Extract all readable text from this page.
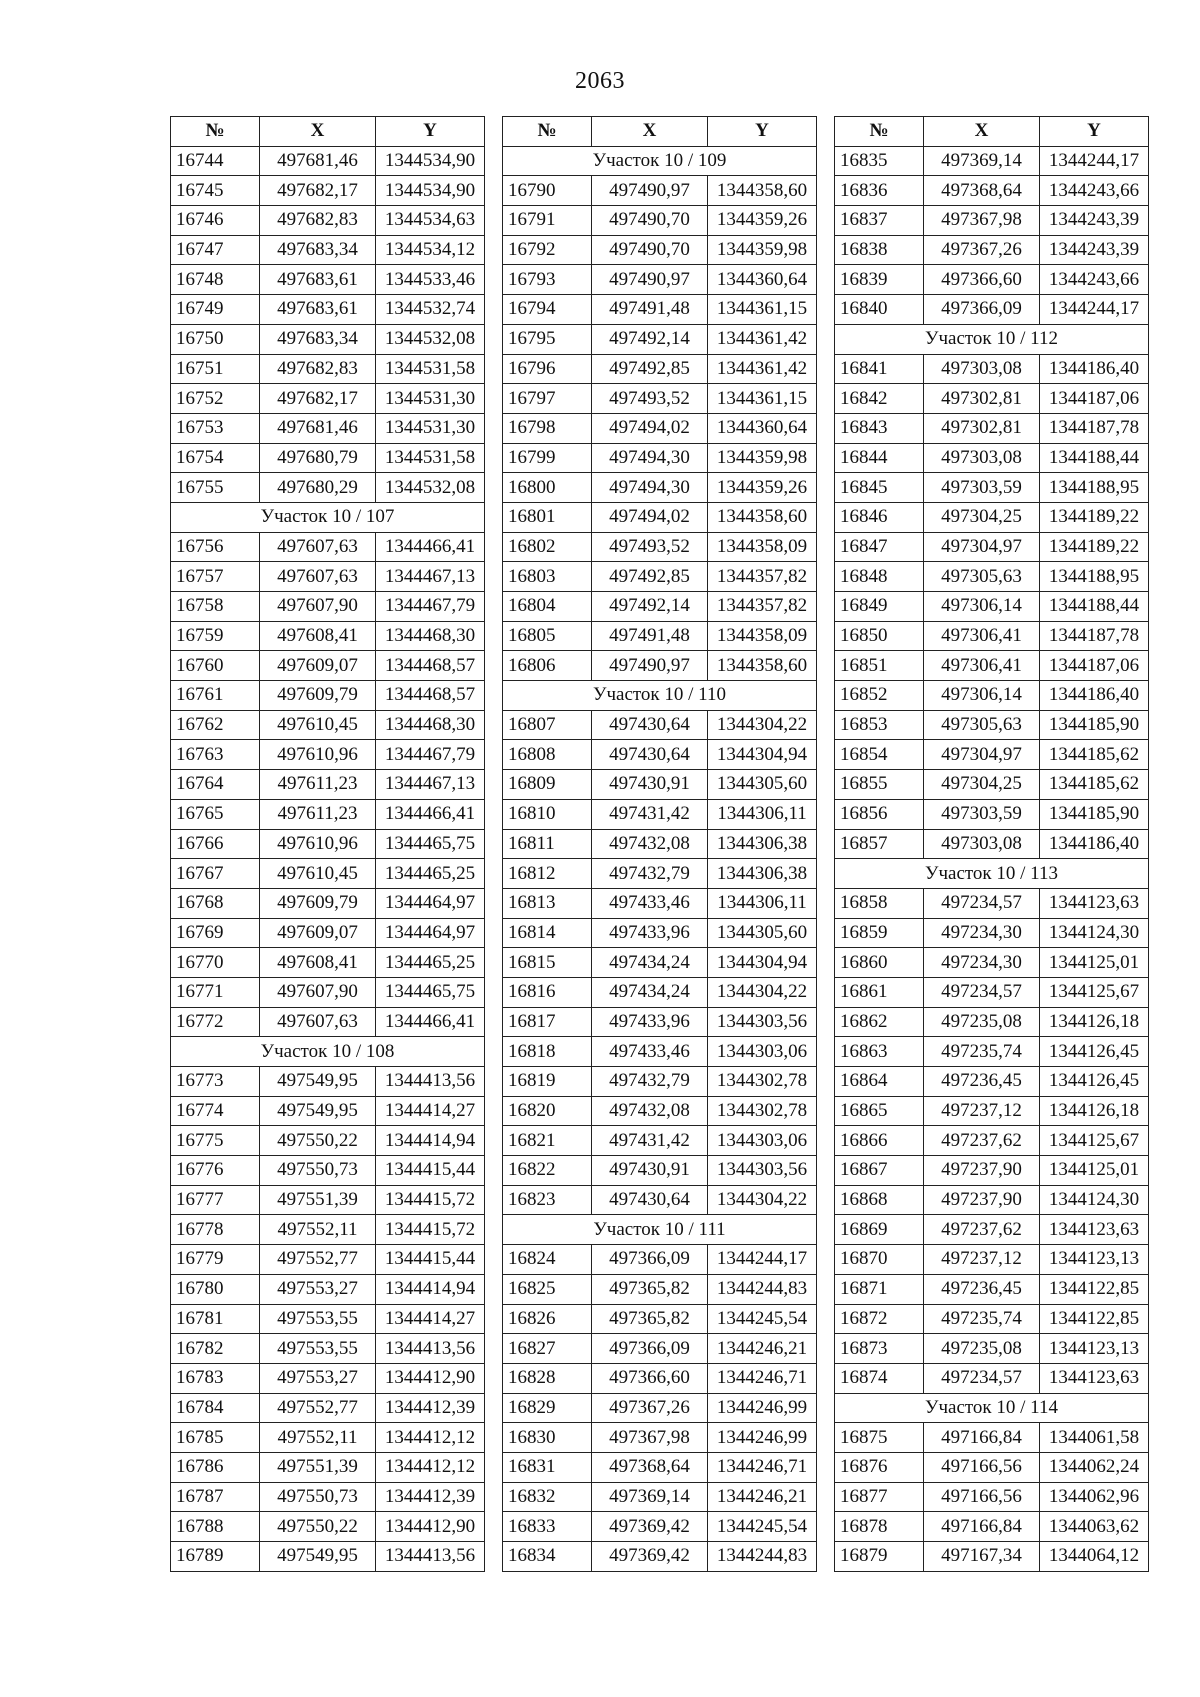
2063
№	X	Y
16744	497681,46	1344534,90
16745	497682,17	1344534,90
16746	497682,83	1344534,63
16747	497683,34	1344534,12
16748	497683,61	1344533,46
16749	497683,61	1344532,74
16750	497683,34	1344532,08
16751	497682,83	1344531,58
16752	497682,17	1344531,30
16753	497681,46	1344531,30
16754	497680,79	1344531,58
16755	497680,29	1344532,08
Участок 10 / 107		
16756	497607,63	1344466,41
16757	497607,63	1344467,13
16758	497607,90	1344467,79
16759	497608,41	1344468,30
16760	497609,07	1344468,57
16761	497609,79	1344468,57
16762	497610,45	1344468,30
16763	497610,96	1344467,79
16764	497611,23	1344467,13
16765	497611,23	1344466,41
16766	497610,96	1344465,75
16767	497610,45	1344465,25
16768	497609,79	1344464,97
16769	497609,07	1344464,97
16770	497608,41	1344465,25
16771	497607,90	1344465,75
16772	497607,63	1344466,41
Участок 10 / 108		
16773	497549,95	1344413,56
16774	497549,95	1344414,27
16775	497550,22	1344414,94
16776	497550,73	1344415,44
16777	497551,39	1344415,72
16778	497552,11	1344415,72
16779	497552,77	1344415,44
16780	497553,27	1344414,94
16781	497553,55	1344414,27
16782	497553,55	1344413,56
16783	497553,27	1344412,90
16784	497552,77	1344412,39
16785	497552,11	1344412,12
16786	497551,39	1344412,12
16787	497550,73	1344412,39
16788	497550,22	1344412,90
16789	497549,95	1344413,56
№	X	Y
Участок 10 / 109		
16790	497490,97	1344358,60
16791	497490,70	1344359,26
16792	497490,70	1344359,98
16793	497490,97	1344360,64
16794	497491,48	1344361,15
16795	497492,14	1344361,42
16796	497492,85	1344361,42
16797	497493,52	1344361,15
16798	497494,02	1344360,64
16799	497494,30	1344359,98
16800	497494,30	1344359,26
16801	497494,02	1344358,60
16802	497493,52	1344358,09
16803	497492,85	1344357,82
16804	497492,14	1344357,82
16805	497491,48	1344358,09
16806	497490,97	1344358,60
Участок 10 / 110		
16807	497430,64	1344304,22
16808	497430,64	1344304,94
16809	497430,91	1344305,60
16810	497431,42	1344306,11
16811	497432,08	1344306,38
16812	497432,79	1344306,38
16813	497433,46	1344306,11
16814	497433,96	1344305,60
16815	497434,24	1344304,94
16816	497434,24	1344304,22
16817	497433,96	1344303,56
16818	497433,46	1344303,06
16819	497432,79	1344302,78
16820	497432,08	1344302,78
16821	497431,42	1344303,06
16822	497430,91	1344303,56
16823	497430,64	1344304,22
Участок 10 / 111		
16824	497366,09	1344244,17
16825	497365,82	1344244,83
16826	497365,82	1344245,54
16827	497366,09	1344246,21
16828	497366,60	1344246,71
16829	497367,26	1344246,99
16830	497367,98	1344246,99
16831	497368,64	1344246,71
16832	497369,14	1344246,21
16833	497369,42	1344245,54
16834	497369,42	1344244,83
№	X	Y
16835	497369,14	1344244,17
16836	497368,64	1344243,66
16837	497367,98	1344243,39
16838	497367,26	1344243,39
16839	497366,60	1344243,66
16840	497366,09	1344244,17
Участок 10 / 112		
16841	497303,08	1344186,40
16842	497302,81	1344187,06
16843	497302,81	1344187,78
16844	497303,08	1344188,44
16845	497303,59	1344188,95
16846	497304,25	1344189,22
16847	497304,97	1344189,22
16848	497305,63	1344188,95
16849	497306,14	1344188,44
16850	497306,41	1344187,78
16851	497306,41	1344187,06
16852	497306,14	1344186,40
16853	497305,63	1344185,90
16854	497304,97	1344185,62
16855	497304,25	1344185,62
16856	497303,59	1344185,90
16857	497303,08	1344186,40
Участок 10 / 113		
16858	497234,57	1344123,63
16859	497234,30	1344124,30
16860	497234,30	1344125,01
16861	497234,57	1344125,67
16862	497235,08	1344126,18
16863	497235,74	1344126,45
16864	497236,45	1344126,45
16865	497237,12	1344126,18
16866	497237,62	1344125,67
16867	497237,90	1344125,01
16868	497237,90	1344124,30
16869	497237,62	1344123,63
16870	497237,12	1344123,13
16871	497236,45	1344122,85
16872	497235,74	1344122,85
16873	497235,08	1344123,13
16874	497234,57	1344123,63
Участок 10 / 114		
16875	497166,84	1344061,58
16876	497166,56	1344062,24
16877	497166,56	1344062,96
16878	497166,84	1344063,62
16879	497167,34	1344064,12
